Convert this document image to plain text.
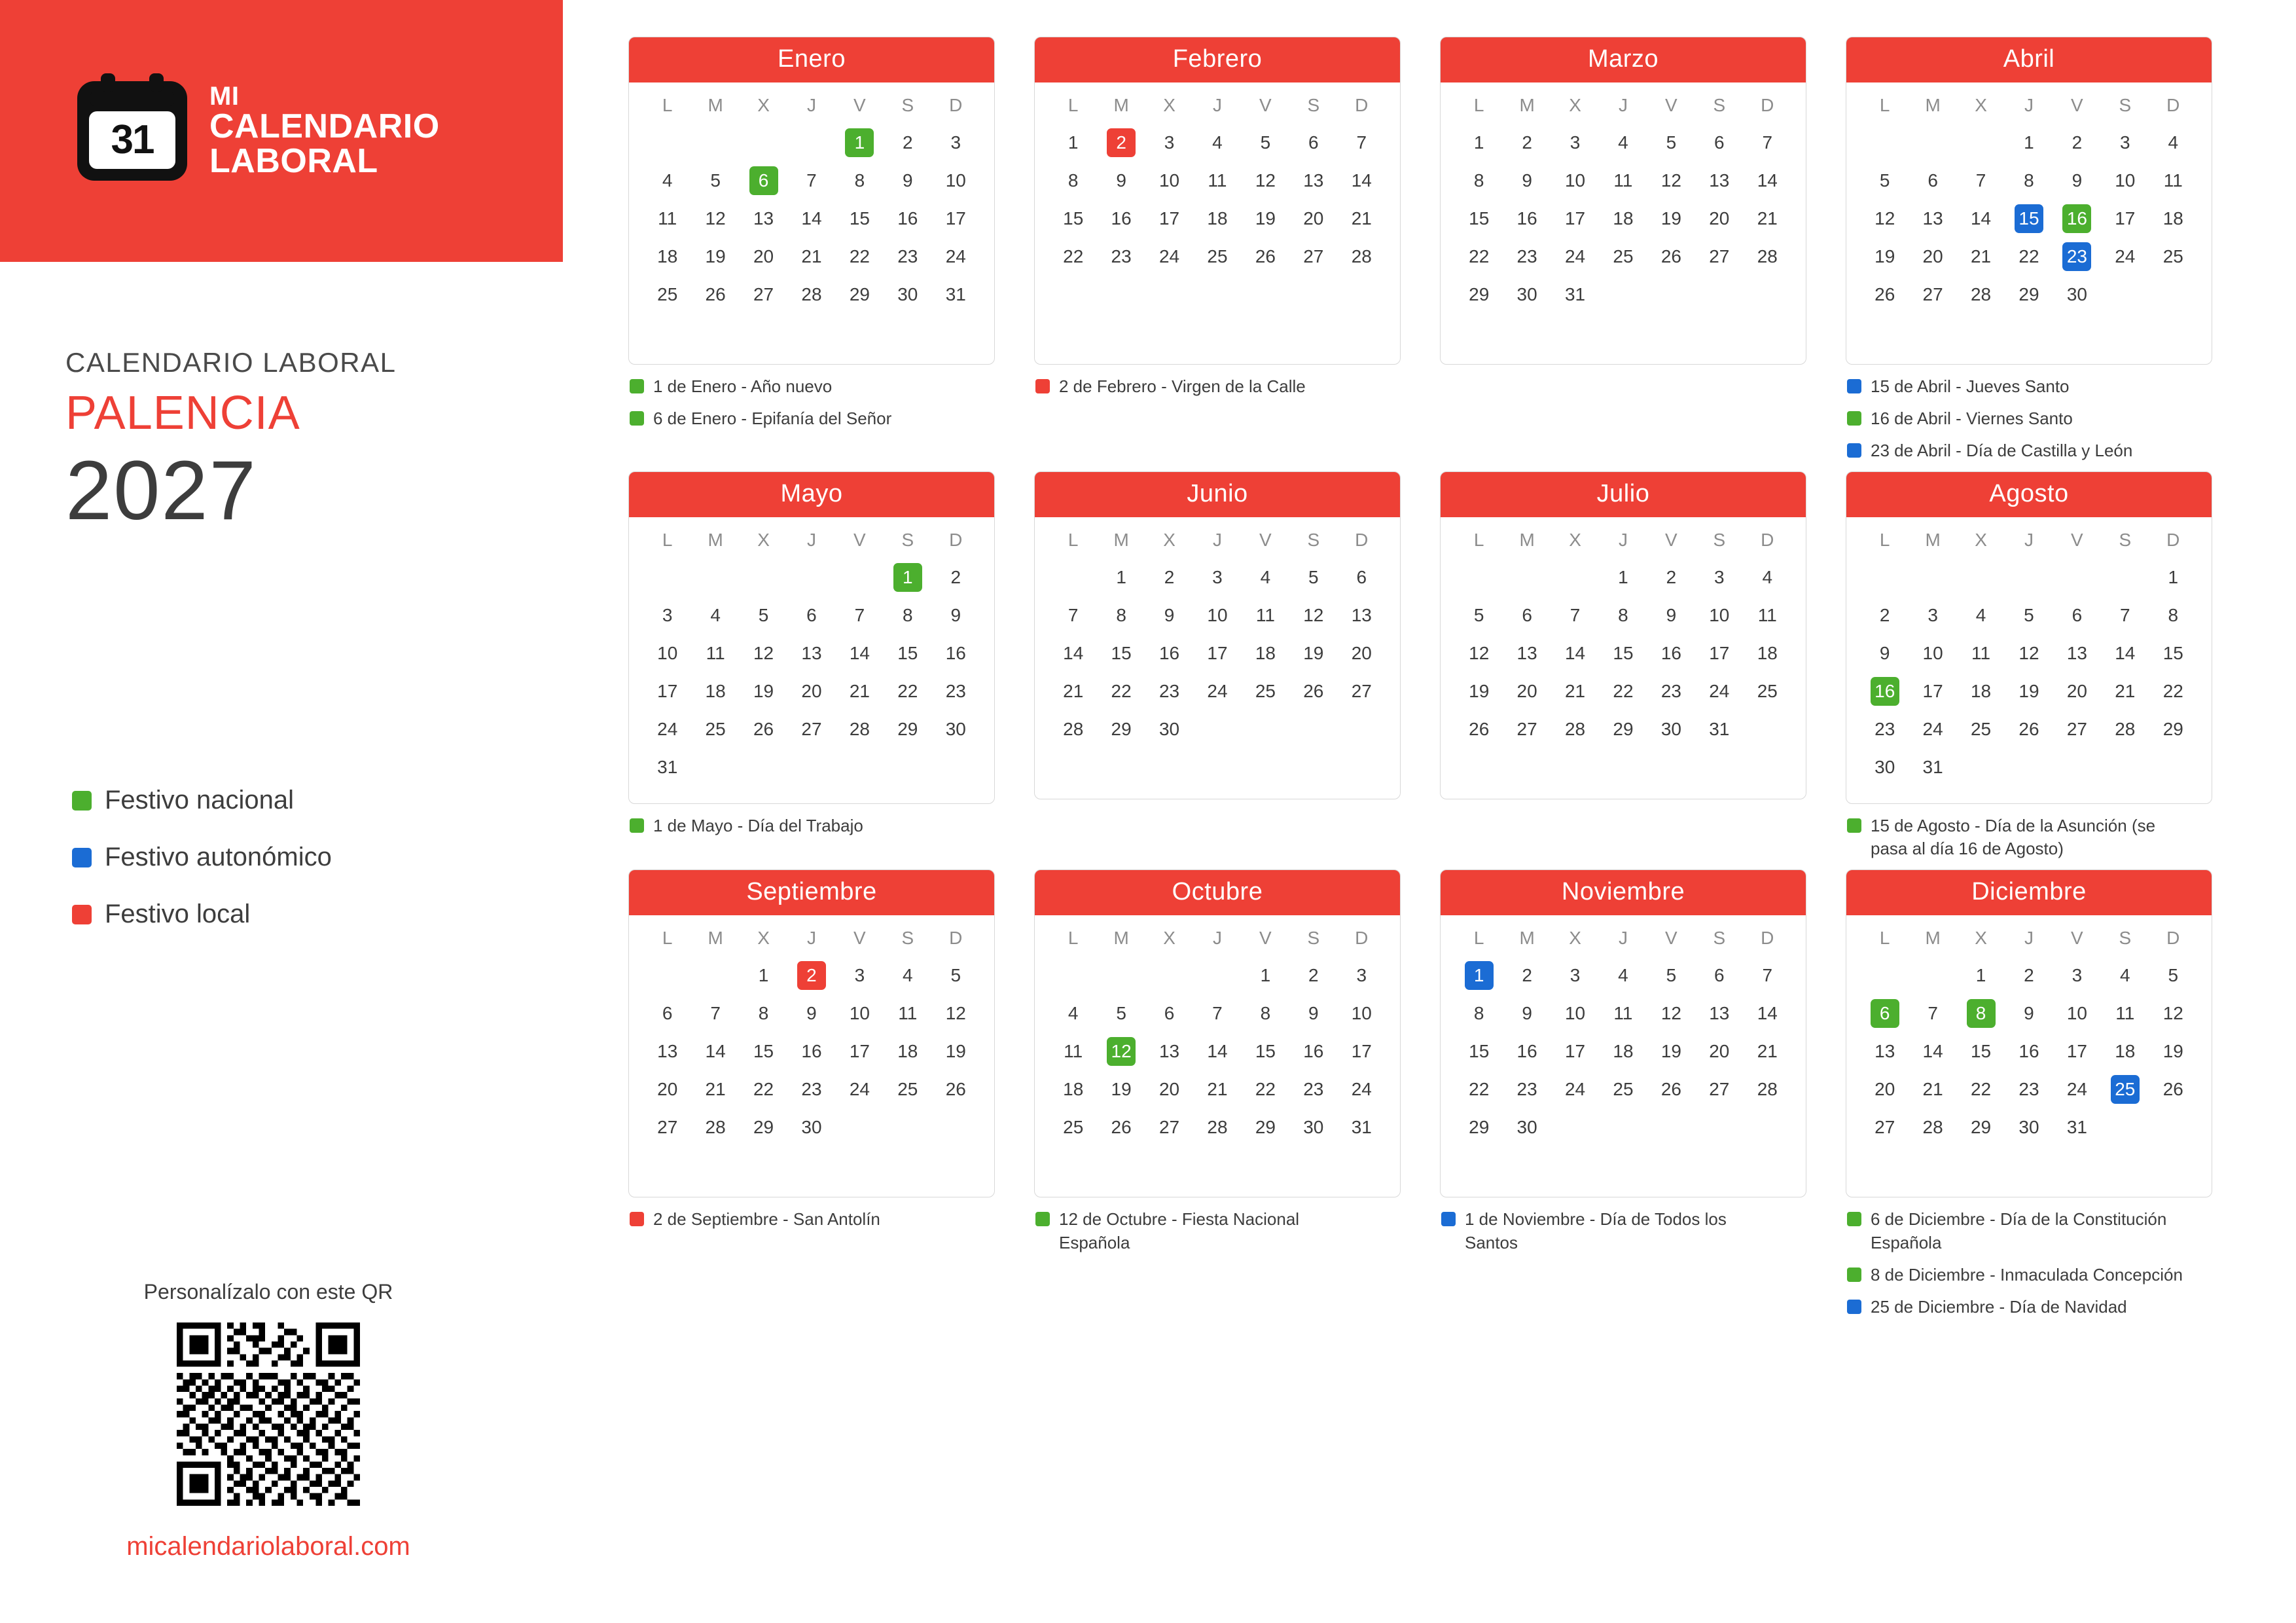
31
MI
CALENDARIO
LABORAL
CALENDARIO LABORAL
PALENCIA
2027
Festivo nacional
Festivo autonómico
Festivo local
Personalízalo con este QR
micalendariolaboral.com
Enero
L	M	X	J	V	S	D
				1	2	3
4	5	6	7	8	9	10
11	12	13	14	15	16	17
18	19	20	21	22	23	24
25	26	27	28	29	30	31
1 de Enero - Año nuevo
6 de Enero - Epifanía del Señor
Febrero
L	M	X	J	V	S	D
1	2	3	4	5	6	7
8	9	10	11	12	13	14
15	16	17	18	19	20	21
22	23	24	25	26	27	28
2 de Febrero - Virgen de la Calle
Marzo
L	M	X	J	V	S	D
1	2	3	4	5	6	7
8	9	10	11	12	13	14
15	16	17	18	19	20	21
22	23	24	25	26	27	28
29	30	31				
Abril
L	M	X	J	V	S	D
			1	2	3	4
5	6	7	8	9	10	11
12	13	14	15	16	17	18
19	20	21	22	23	24	25
26	27	28	29	30		
15 de Abril - Jueves Santo
16 de Abril - Viernes Santo
23 de Abril - Día de Castilla y León
Mayo
L	M	X	J	V	S	D
					1	2
3	4	5	6	7	8	9
10	11	12	13	14	15	16
17	18	19	20	21	22	23
24	25	26	27	28	29	30
31						
1 de Mayo - Día del Trabajo
Junio
L	M	X	J	V	S	D
	1	2	3	4	5	6
7	8	9	10	11	12	13
14	15	16	17	18	19	20
21	22	23	24	25	26	27
28	29	30				
Julio
L	M	X	J	V	S	D
			1	2	3	4
5	6	7	8	9	10	11
12	13	14	15	16	17	18
19	20	21	22	23	24	25
26	27	28	29	30	31	
Agosto
L	M	X	J	V	S	D
						1
2	3	4	5	6	7	8
9	10	11	12	13	14	15
16	17	18	19	20	21	22
23	24	25	26	27	28	29
30	31					
15 de Agosto - Día de la Asunción (se pasa al día 16 de Agosto)
Septiembre
L	M	X	J	V	S	D
		1	2	3	4	5
6	7	8	9	10	11	12
13	14	15	16	17	18	19
20	21	22	23	24	25	26
27	28	29	30			
2 de Septiembre - San Antolín
Octubre
L	M	X	J	V	S	D
				1	2	3
4	5	6	7	8	9	10
11	12	13	14	15	16	17
18	19	20	21	22	23	24
25	26	27	28	29	30	31
12 de Octubre - Fiesta Nacional Española
Noviembre
L	M	X	J	V	S	D
1	2	3	4	5	6	7
8	9	10	11	12	13	14
15	16	17	18	19	20	21
22	23	24	25	26	27	28
29	30					
1 de Noviembre - Día de Todos los Santos
Diciembre
L	M	X	J	V	S	D
		1	2	3	4	5
6	7	8	9	10	11	12
13	14	15	16	17	18	19
20	21	22	23	24	25	26
27	28	29	30	31		
6 de Diciembre - Día de la Constitución Española
8 de Diciembre - Inmaculada Concepción
25 de Diciembre - Día de Navidad
